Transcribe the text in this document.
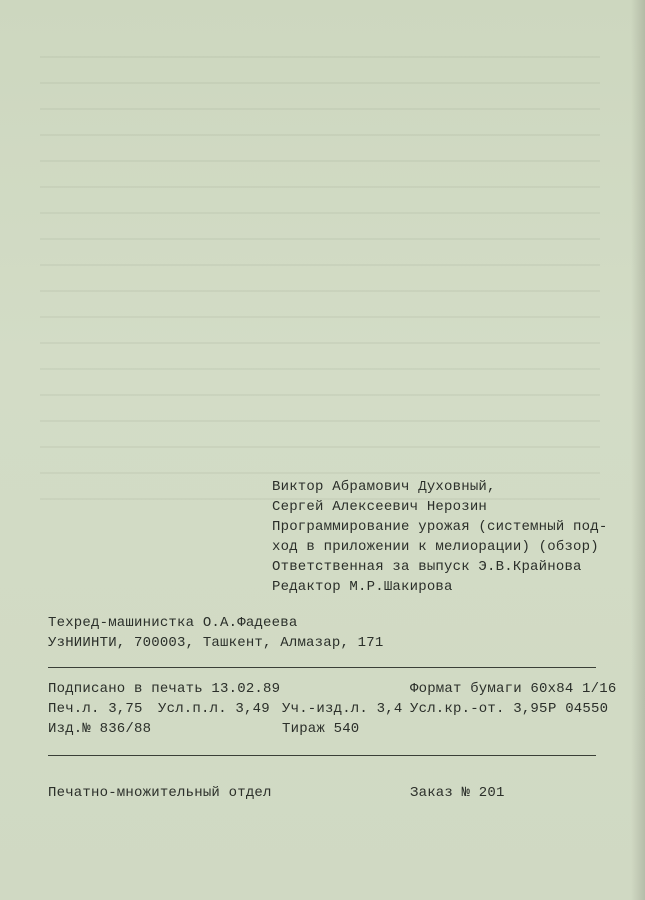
Виктор Абрамович Духовный,
Сергей Алексеевич Нерозин
Программирование урожая (системный под-
ход в приложении к мелиорации) (обзор)
Ответственная за выпуск Э.В.Крайнова
Редактор М.Р.Шакирова
Техред-машинистка О.А.Фадеева
УзНИИНТИ, 700003, Ташкент, Алмазар, 171
Подписано в печать 13.02.89	Формат бумаги 60х84 1/16
Печ.л. 3,75 Усл.п.л. 3,49 Уч.-изд.л. 3,4 Усл.кр.-от. 3,95 Р 04550
Изд.№ 836/88	Тираж 540
Печатно-множительный отдел	Заказ № 201
